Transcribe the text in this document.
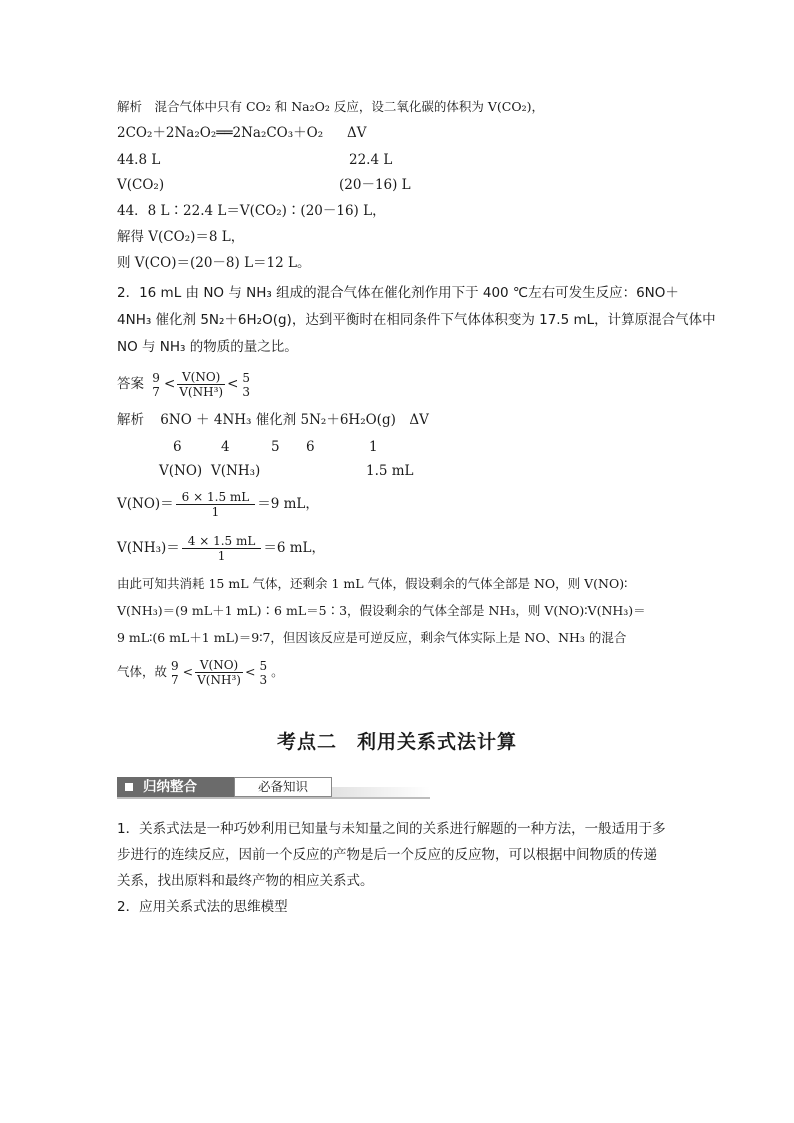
解析　混合气体中只有 CO₂ 和 Na₂O₂ 反应，设二氧化碳的体积为 V(CO₂)，
2CO₂＋2Na₂O₂══2Na₂CO₃＋O₂ ΔV
44.8 L	22.4 L
V(CO₂)	(20－16) L
44．8 L∶22.4 L＝V(CO₂)∶(20－16) L，
解得 V(CO₂)＝8 L，
则 V(CO)＝(20－8) L＝12 L。
2．16 mL 由 NO 与 NH₃ 组成的混合气体在催化剂作用下于 400 ℃左右可发生反应：6NO＋
4NH₃ 催化剂 5N₂＋6H₂O(g)，达到平衡时在相同条件下气体体积变为 17.5 mL，计算原混合气体中
NO 与 NH₃ 的物质的量之比。
答案 9
$7 < \frac{V(NO)}{\text{V(NH³)}} < 5$
3
解析 6NO ＋ 4NH₃ 催化剂 5N₂＋6H₂O(g)　ΔV
6	4	5 6	1
V(NO) V(NH₃)	1.5 mL
$V(NO)= \frac{6 \times 1.5 mL}{1} =9$ mL，
$V(NH_3)= \frac{4 \times 1.5 mL}{1} =6$ mL，
由此可知共消耗 15 mL 气体，还剩余 1 mL 气体，假设剩余的气体全部是 NO，则 V(NO)∶
V(NH₃)＝(9 mL＋1 mL)∶6 mL＝5∶3，假设剩余的气体全部是 NH₃，则 V(NO)∶V(NH₃)＝
9 mL∶(6 mL＋1 mL)＝9∶7，但因该反应是可逆反应，剩余气体实际上是 NO、NH₃ 的混合
气体，故 9
7
< $\frac{V(NO)}{\text{V(NH³)}} < 5$
3
。
考点二　利用关系式法计算
归纳整合	必备知识
1．关系式法是一种巧妙利用已知量与未知量之间的关系进行解题的一种方法，一般适用于多
步进行的连续反应，因前一个反应的产物是后一个反应的反应物，可以根据中间物质的传递
关系，找出原料和最终产物的相应关系式。
2．应用关系式法的思维模型
